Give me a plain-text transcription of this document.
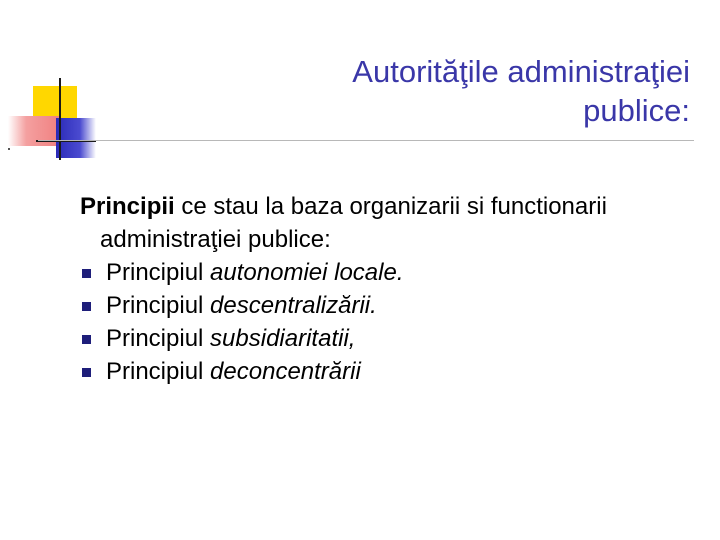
Autorităţile administraţiei
publice:

Principii ce stau la baza organizarii si functionarii administraţiei publice:

Principiul autonomiei locale.
Principiul descentralizării.
Principiul subsidiaritatii,
Principiul deconcentrării
